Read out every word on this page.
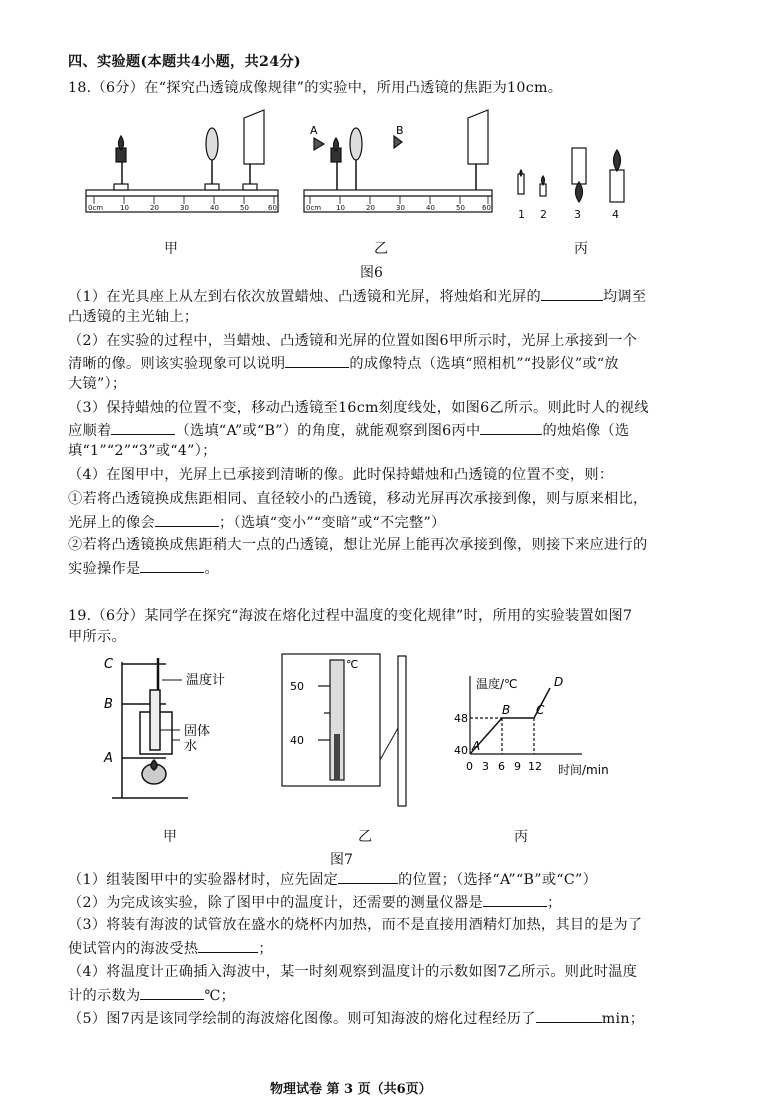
四、实验题(本题共4小题，共24分)
18.（6分）在“探究凸透镜成像规律”的实验中，所用凸透镜的焦距为10cm。
0cm 10	20	30	40	50	60
A	B
0cm 10	20	30	40	50 60 1 2 3	4
甲	乙	丙
图6
（1）在光具座上从左到右依次放置蜡烛、凸透镜和光屏，将烛焰和光屏的	均调至
凸透镜的主光轴上；
（2）在实验的过程中，当蜡烛、凸透镜和光屏的位置如图6甲所示时，光屏上承接到一个
清晰的像。则该实验现象可以说明	的成像特点（选填“照相机”“投影仪”或“放
大镜”）；
（3）保持蜡烛的位置不变，移动凸透镜至16cm刻度线处，如图6乙所示。则此时人的视线
应顺着	（选填“A”或“B”）的角度，就能观察到图6丙中	的烛焰像（选
填“1”“2”“3”或“4”）；
（4）在图甲中，光屏上已承接到清晰的像。此时保持蜡烛和凸透镜的位置不变，则：
①若将凸透镜换成焦距相同、直径较小的凸透镜，移动光屏再次承接到像，则与原来相比，
光屏上的像会	；（选填“变小”“变暗”或“不完整”）
②若将凸透镜换成焦距稍大一点的凸透镜，想让光屏上能再次承接到像，则接下来应进行的
实验操作是	。
19.（6分）某同学在探究“海波在熔化过程中温度的变化规律”时，所用的实验装置如图7
甲所示。
C
B
A
温度计
固体
水
50
40
℃
温度/℃
时间/min
48
40
0 3 6 9 12
A
B C
D
甲	乙	丙
图7
（1）组装图甲中的实验器材时，应先固定	的位置；（选择“A”“B”或“C”）
（2）为完成该实验，除了图甲中的温度计，还需要的测量仪器是	；
（3）将装有海波的试管放在盛水的烧杯内加热，而不是直接用酒精灯加热，其目的是为了
使试管内的海波受热	；
（4）将温度计正确插入海波中，某一时刻观察到温度计的示数如图7乙所示。则此时温度
计的示数为	℃；
（5）图7丙是该同学绘制的海波熔化图像。则可知海波的熔化过程经历了	min；
物理试卷 第 3 页（共6页）
